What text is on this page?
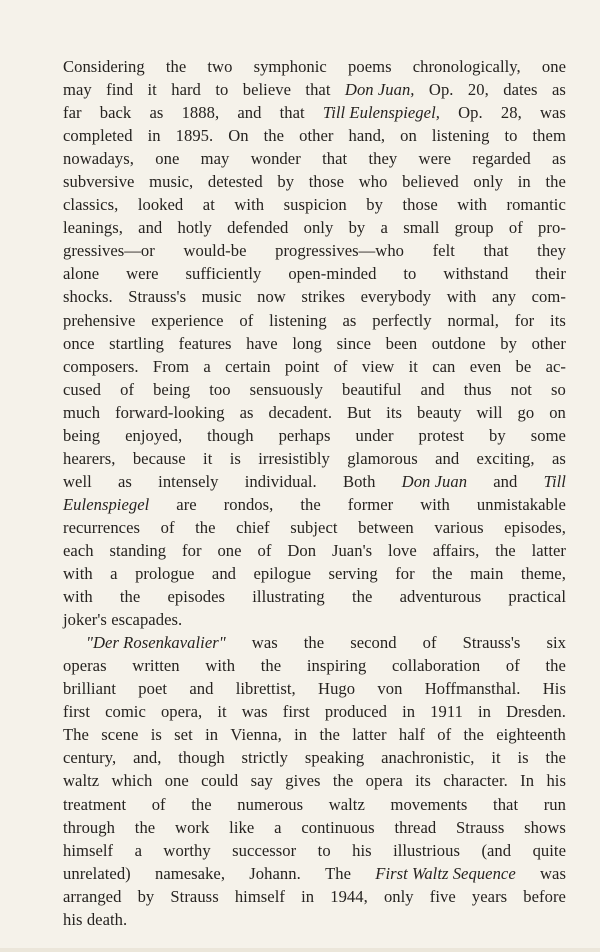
Considering the two symphonic poems chronologically, one
may find it hard to believe that Don Juan, Op. 20, dates as
far back as 1888, and that Till Eulenspiegel, Op. 28, was
completed in 1895. On the other hand, on listening to them
nowadays, one may wonder that they were regarded as
subversive music, detested by those who believed only in the
classics, looked at with suspicion by those with romantic
leanings, and hotly defended only by a small group of pro-
gressives—or would-be progressives—who felt that they
alone were sufficiently open-minded to withstand their
shocks. Strauss's music now strikes everybody with any com-
prehensive experience of listening as perfectly normal, for its
once startling features have long since been outdone by other
composers. From a certain point of view it can even be ac-
cused of being too sensuously beautiful and thus not so
much forward-looking as decadent. But its beauty will go on
being enjoyed, though perhaps under protest by some
hearers, because it is irresistibly glamorous and exciting, as
well as intensely individual. Both Don Juan and Till
Eulenspiegel are rondos, the former with unmistakable
recurrences of the chief subject between various episodes,
each standing for one of Don Juan's love affairs, the latter
with a prologue and epilogue serving for the main theme,
with the episodes illustrating the adventurous practical
joker's escapades.
"Der Rosenkavalier" was the second of Strauss's six
operas written with the inspiring collaboration of the
brilliant poet and librettist, Hugo von Hoffmansthal. His
first comic opera, it was first produced in 1911 in Dresden.
The scene is set in Vienna, in the latter half of the eighteenth
century, and, though strictly speaking anachronistic, it is the
waltz which one could say gives the opera its character. In his
treatment of the numerous waltz movements that run
through the work like a continuous thread Strauss shows
himself a worthy successor to his illustrious (and quite
unrelated) namesake, Johann. The First Waltz Sequence was
arranged by Strauss himself in 1944, only five years before
his death.
